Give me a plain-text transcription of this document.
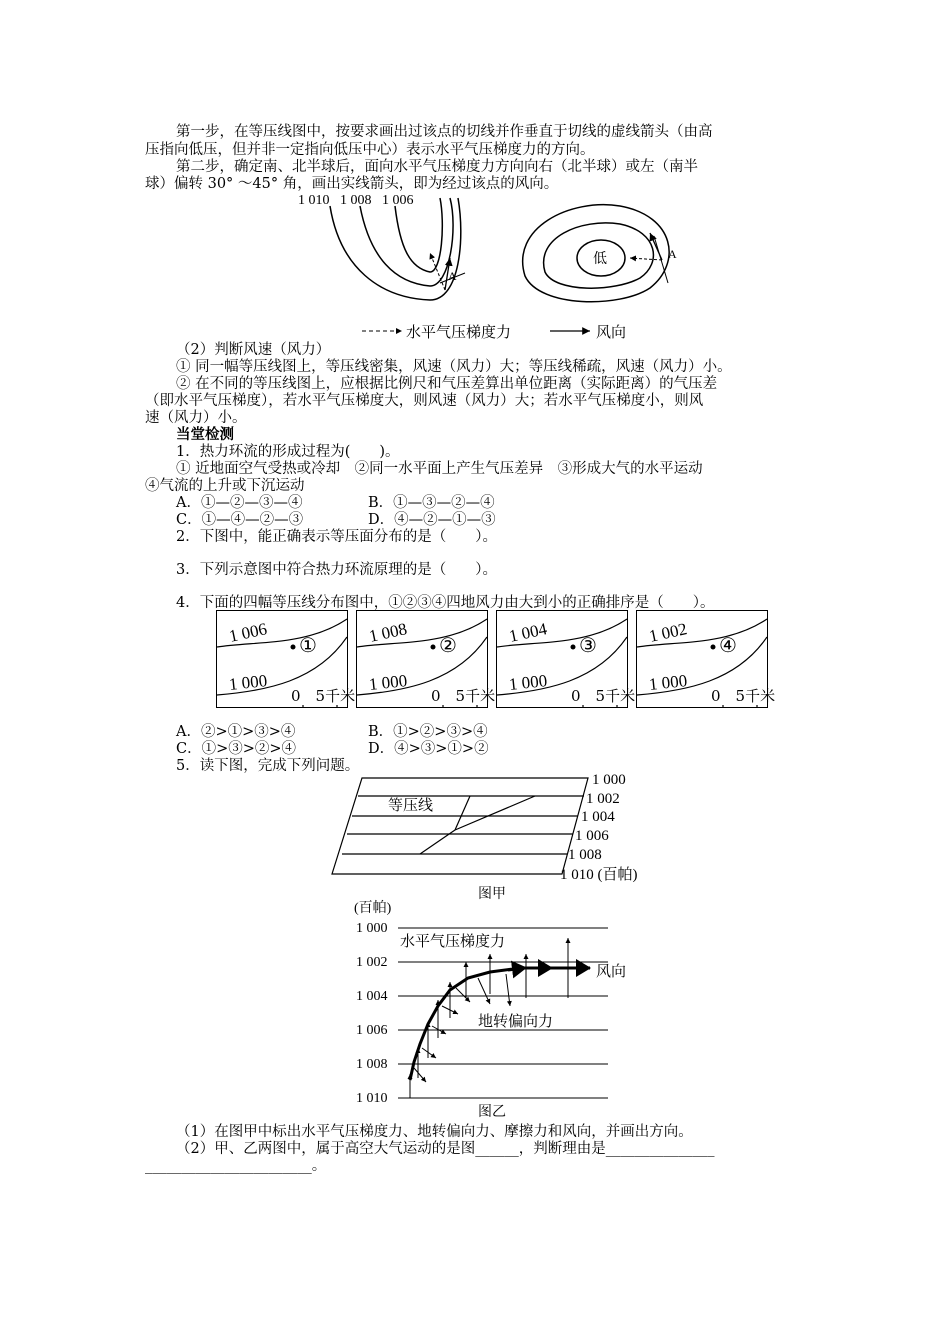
第一步，在等压线图中，按要求画出过该点的切线并作垂直于切线的虚线箭头（由高
压指向低压，但并非一定指向低压中心）表示水平气压梯度力的方向。
第二步，确定南、北半球后，面向水平气压梯度力方向向右（北半球）或左（南半
球）偏转 30° ～45° 角，画出实线箭头，即为经过该点的风向。
1 010 1 008 1 006
A
低	A
水平气压梯度力	风向
（2）判断风速（风力）
① 同一幅等压线图上，等压线密集，风速（风力）大；等压线稀疏，风速（风力）小。
② 在不同的等压线图上，应根据比例尺和气压差算出单位距离（实际距离）的气压差
（即水平气压梯度），若水平气压梯度大，则风速（风力）大；若水平气压梯度小，则风
速（风力）小。
当堂检测
1．热力环流的形成过程为(　　)。
① 近地面空气受热或冷却　②同一水平面上产生气压差异　③形成大气的水平运动
④气流的上升或下沉运动
A．①—②—③—④	B．①—③—②—④
C．①—④—②—③	D．④—②—①—③
2．下图中，能正确表示等压面分布的是（　　）。
3．下列示意图中符合热力环流原理的是（　　）。
4．下面的四幅等压线分布图中，①②③④四地风力由大到小的正确排序是（　　）。
1 006
1 000
①
0　5千米
1 008
1 000
②
0　5千米
1 004
1 000
③
0　5千米
1 002
1 000
④
0　5千米
A．②>①>③>④	B．①>②>③>④
C．①>③>②>④	D．④>③>①>②
5．读下图，完成下列问题。
等压线
1 000
1 002
1 004
1 006
1 008
1 010 (百帕)
图甲
(百帕)
1 000
1 002
1 004
1 006
1 008
1 010
水平气压梯度力
风向
地转偏向力
图乙
（1）在图甲中标出水平气压梯度力、地转偏向力、摩擦力和风向，并画出方向。
（2）甲、乙两图中，属于高空大气运动的是图______，判断理由是_______________
_______________________。
